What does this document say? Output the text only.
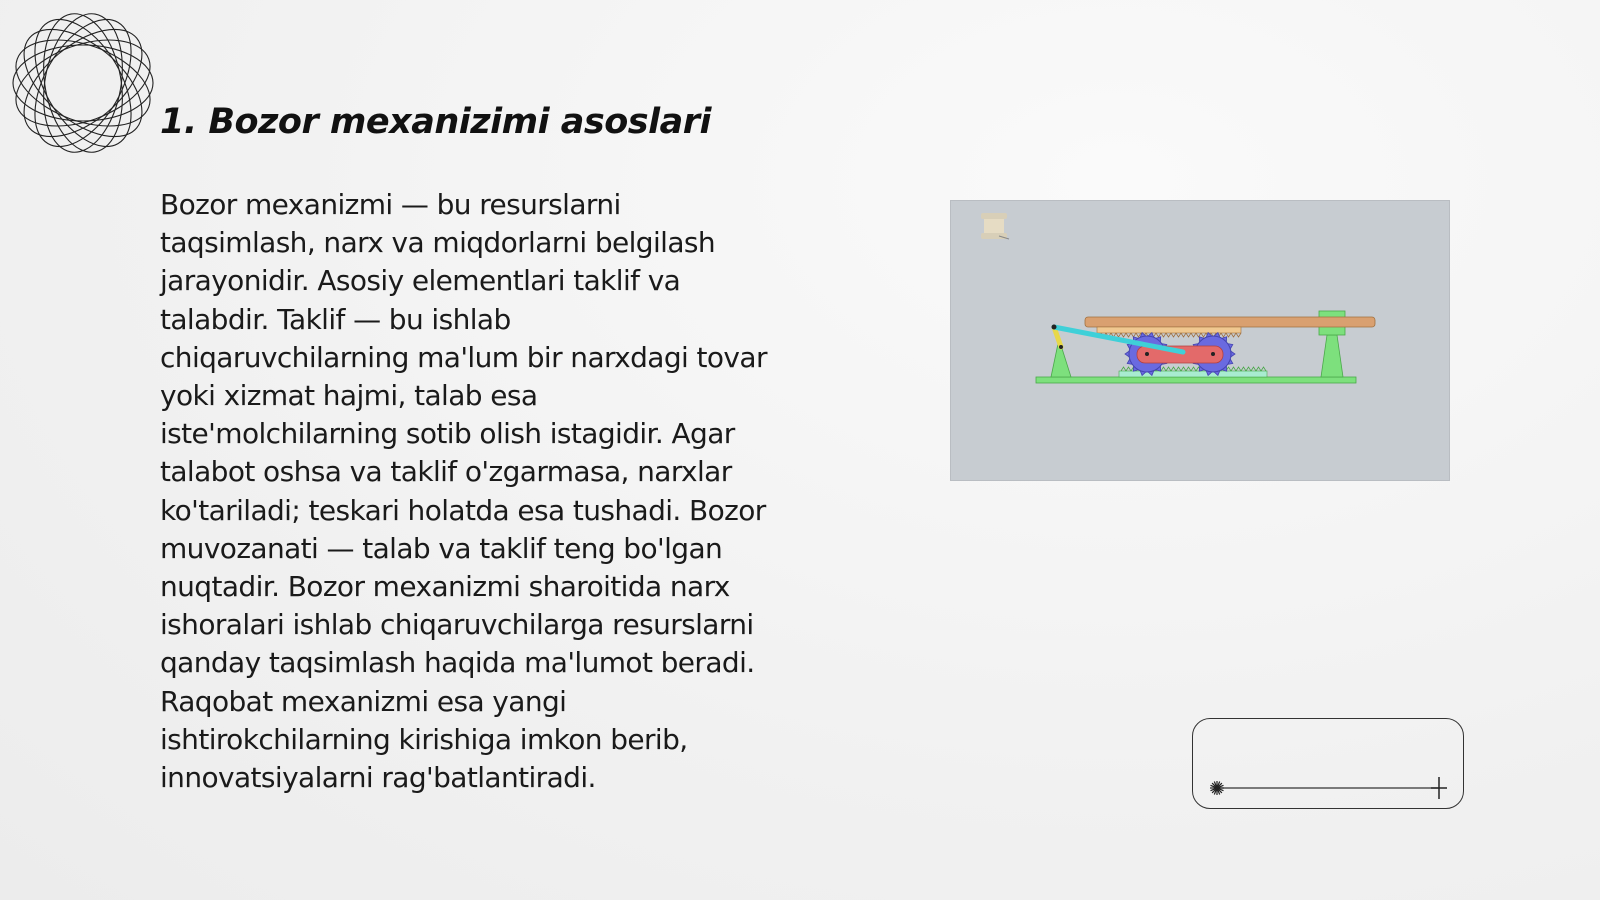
1. Bozor mexanizimi asoslari
Bozor mexanizmi — bu resurslarni
taqsimlash, narx va miqdorlarni belgilash
jarayonidir. Asosiy elementlari taklif va
talabdir. Taklif — bu ishlab
chiqaruvchilarning ma'lum bir narxdagi tovar
yoki xizmat hajmi, talab esa
iste'molchilarning sotib olish istagidir. Agar
talabot oshsa va taklif o'zgarmasa, narxlar
ko'tariladi; teskari holatda esa tushadi. Bozor
muvozanati — talab va taklif teng bo'lgan
nuqtadir. Bozor mexanizmi sharoitida narx
ishoralari ishlab chiqaruvchilarga resurslarni
qanday taqsimlash haqida ma'lumot beradi.
Raqobat mexanizmi esa yangi
ishtirokchilarning kirishiga imkon berib,
innovatsiyalarni rag'batlantiradi.
